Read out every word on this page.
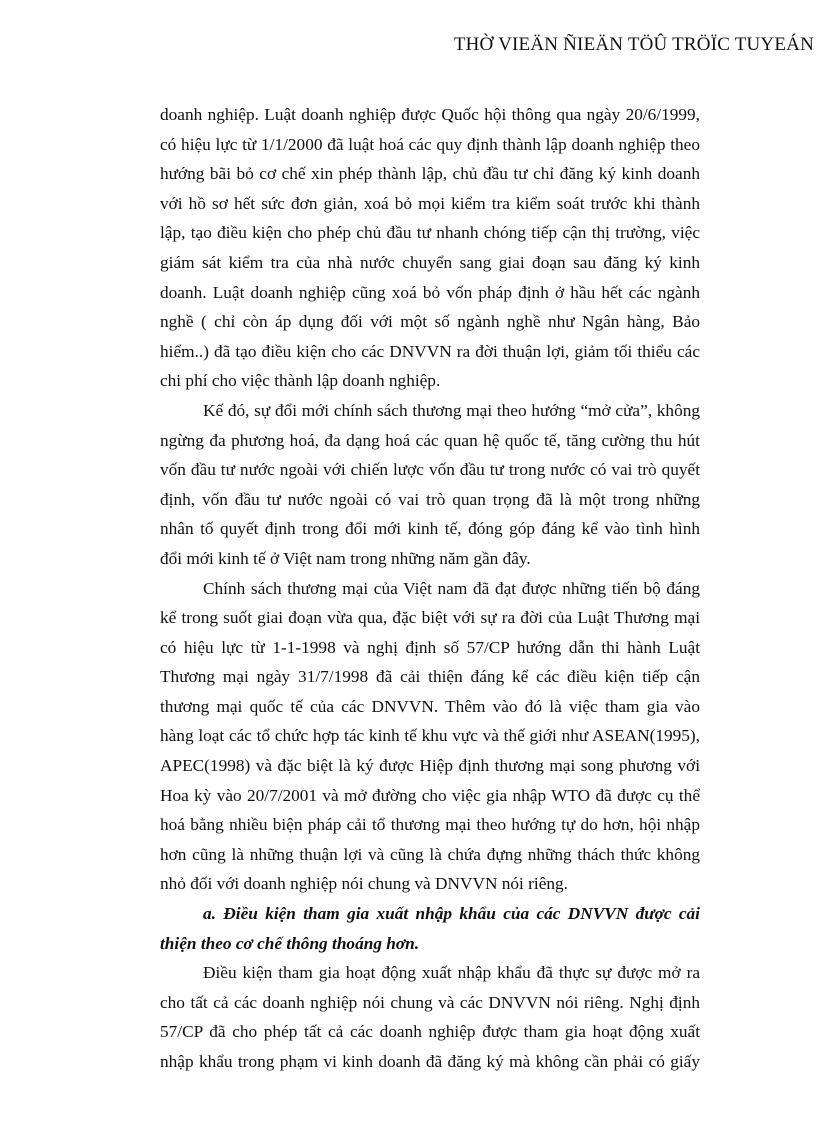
THỜ VIEÄN ÑIEÄN TÖÛ TRÖÏC TUYEÁN

doanh nghiệp. Luật doanh nghiệp được Quốc hội thông qua ngày 20/6/1999,

có hiệu lực từ 1/1/2000 đã luật hoá các quy định thành lập doanh nghiệp theo

hướng bãi bỏ cơ chế xin phép thành lập, chủ đầu tư chỉ đăng ký kinh doanh

với hồ sơ hết sức đơn giản, xoá bỏ mọi kiểm tra kiểm soát trước khi thành

lập, tạo điều kiện cho phép chủ đầu tư nhanh chóng tiếp cận thị trường, việc

giám sát kiểm tra của nhà nước chuyển sang giai đoạn sau đăng ký kinh

doanh. Luật doanh nghiệp cũng xoá bỏ vốn pháp định ở hầu hết các ngành

nghề ( chỉ còn áp dụng đối với một số ngành nghề như Ngân hàng, Bảo

hiểm..) đã tạo điều kiện cho các DNVVN ra đời thuận lợi, giảm tối thiểu các

chi phí cho việc thành lập doanh nghiệp.

Kế đó, sự đổi mới chính sách thương mại theo hướng “mở cửa”, không

ngừng đa phương hoá, đa dạng hoá các quan hệ quốc tế, tăng cường thu hút

vốn đầu tư nước ngoài với chiến lược vốn đầu tư trong nước có vai trò quyết

định, vốn đầu tư nước ngoài có vai trò quan trọng đã là một trong những

nhân tố quyết định trong đổi mới kinh tế, đóng góp đáng kể vào tình hình

đổi mới kinh tế ở Việt nam trong những năm gần đây.

Chính sách thương mại của Việt nam đã đạt được những tiến bộ đáng

kể trong suốt giai đoạn vừa qua, đặc biệt với sự ra đời của Luật Thương mại

có hiệu lực từ 1-1-1998 và nghị định số 57/CP hướng dẫn thi hành Luật

Thương mại ngày 31/7/1998 đã cải thiện đáng kể các điều kiện tiếp cận

thương mại quốc tế của các DNVVN. Thêm vào đó là việc tham gia vào

hàng loạt các tổ chức hợp tác kinh tế khu vực và thế giới như ASEAN(1995),

APEC(1998) và đặc biệt là ký được Hiệp định thương mại song phương với

Hoa kỳ vào 20/7/2001 và mở đường cho việc gia nhập WTO đã được cụ thể

hoá bằng nhiều biện pháp cải tổ thương mại theo hướng tự do hơn, hội nhập

hơn cũng là những thuận lợi và cũng là chứa đựng những thách thức không

nhỏ đối với doanh nghiệp nói chung và DNVVN nói riêng.

a. Điều kiện tham gia xuất nhập khẩu của các DNVVN được cải

thiện theo cơ chế thông thoáng hơn.

Điều kiện tham gia hoạt động xuất nhập khẩu đã thực sự được mở ra

cho tất cả các doanh nghiệp nói chung và các DNVVN nói riêng. Nghị định

57/CP đã cho phép tất cả các doanh nghiệp được tham gia hoạt động xuất

nhập khẩu trong phạm vi kinh doanh đã đăng ký mà không cần phải có giấy
